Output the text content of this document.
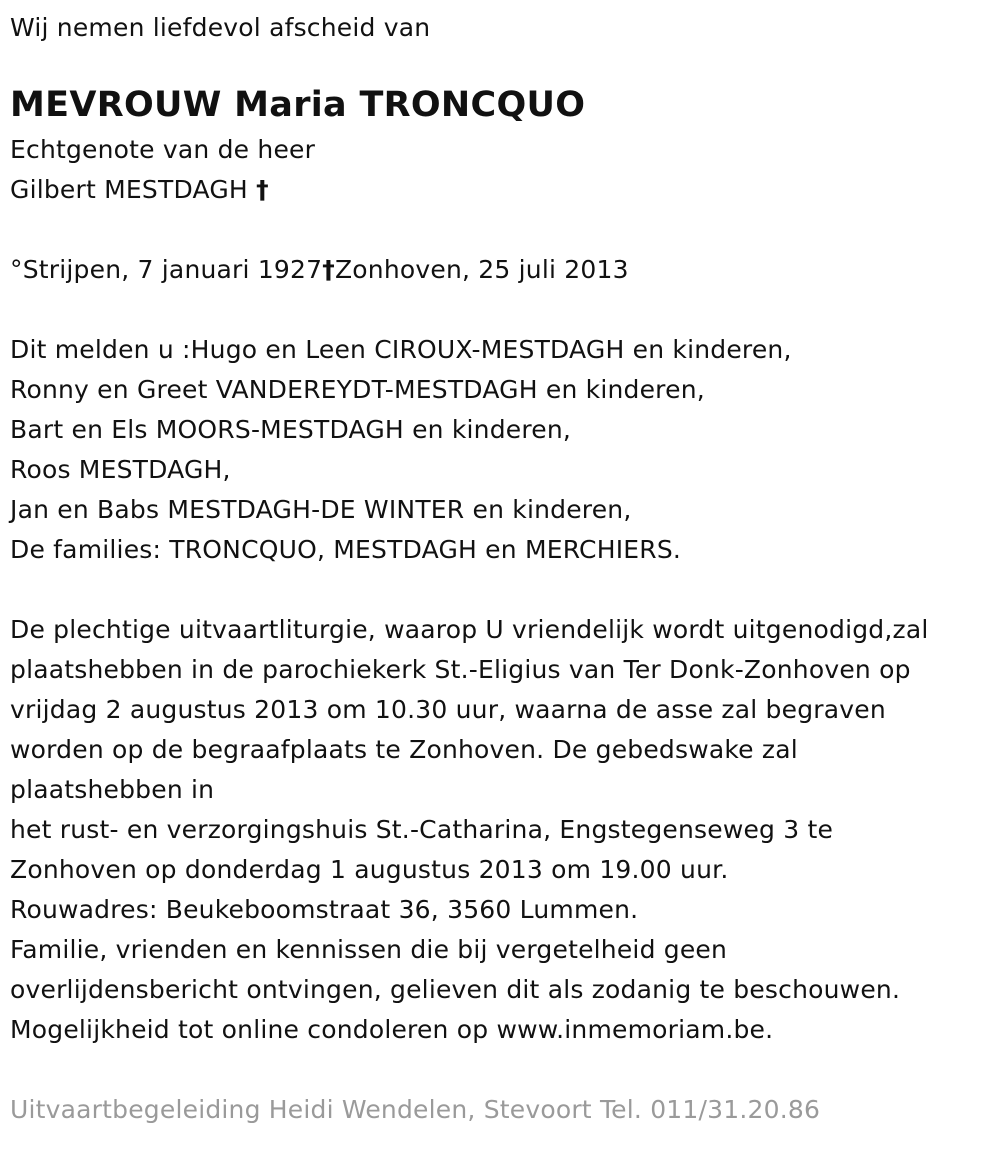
Wij nemen liefdevol afscheid van
MEVROUW Maria TRONCQUO
Echtgenote van de heer
Gilbert MESTDAGH †
°Strijpen, 7 januari 1927†Zonhoven, 25 juli 2013
Dit melden u :Hugo en Leen CIROUX-MESTDAGH en kinderen,
Ronny en Greet VANDEREYDT-MESTDAGH en kinderen,
Bart en Els MOORS-MESTDAGH en kinderen,
Roos MESTDAGH,
Jan en Babs MESTDAGH-DE WINTER en kinderen,
De families: TRONCQUO, MESTDAGH en MERCHIERS.
De plechtige uitvaartliturgie, waarop U vriendelijk wordt uitgenodigd,zal
plaatshebben in de parochiekerk St.-Eligius van Ter Donk-Zonhoven op
vrijdag 2 augustus 2013 om 10.30 uur, waarna de asse zal begraven
worden op de begraafplaats te Zonhoven. De gebedswake zal
plaatshebben in
het rust- en verzorgingshuis St.-Catharina, Engstegenseweg 3 te
Zonhoven op donderdag 1 augustus 2013 om 19.00 uur.
Rouwadres: Beukeboomstraat 36, 3560 Lummen.
Familie, vrienden en kennissen die bij vergetelheid geen
overlijdensbericht ontvingen, gelieven dit als zodanig te beschouwen.
Mogelijkheid tot online condoleren op www.inmemoriam.be.
Uitvaartbegeleiding Heidi Wendelen, Stevoort Tel. 011/31.20.86
